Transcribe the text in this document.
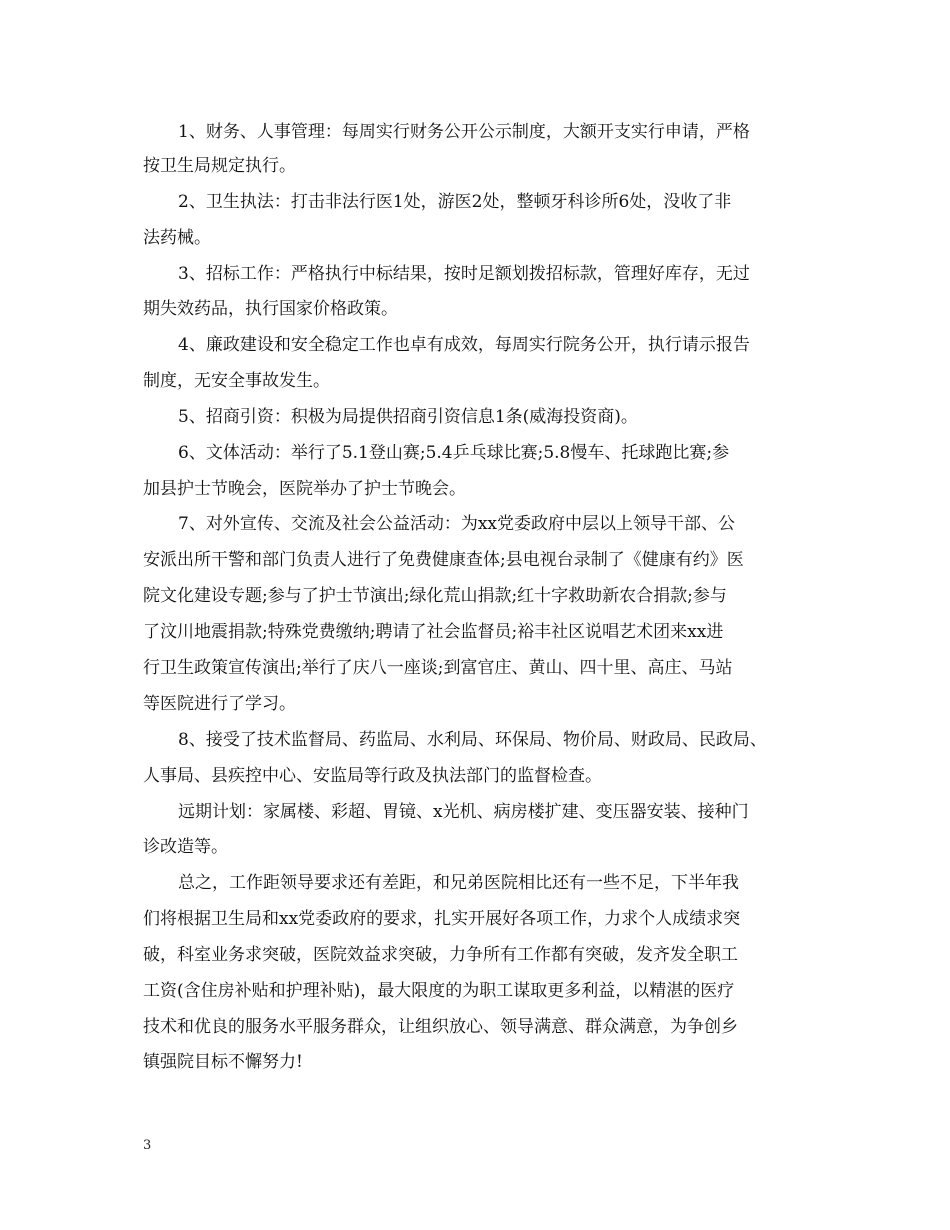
1、财务、人事管理：每周实行财务公开公示制度，大额开支实行申请，严格
按卫生局规定执行。
2、卫生执法：打击非法行医1处，游医2处，整顿牙科诊所6处，没收了非
法药械。
3、招标工作：严格执行中标结果，按时足额划拨招标款，管理好库存，无过
期失效药品，执行国家价格政策。
4、廉政建设和安全稳定工作也卓有成效，每周实行院务公开，执行请示报告
制度，无安全事故发生。
5、招商引资：积极为局提供招商引资信息1条(威海投资商)。
6、文体活动：举行了5.1登山赛;5.4乒乓球比赛;5.8慢车、托球跑比赛;参
加县护士节晚会，医院举办了护士节晚会。
7、对外宣传、交流及社会公益活动：为xx党委政府中层以上领导干部、公
安派出所干警和部门负责人进行了免费健康查体;县电视台录制了《健康有约》医
院文化建设专题;参与了护士节演出;绿化荒山捐款;红十字救助新农合捐款;参与
了汶川地震捐款;特殊党费缴纳;聘请了社会监督员;裕丰社区说唱艺术团来xx进
行卫生政策宣传演出;举行了庆八一座谈;到富官庄、黄山、四十里、高庄、马站
等医院进行了学习。
8、接受了技术监督局、药监局、水利局、环保局、物价局、财政局、民政局、
人事局、县疾控中心、安监局等行政及执法部门的监督检查。
远期计划：家属楼、彩超、胃镜、x光机、病房楼扩建、变压器安装、接种门
诊改造等。
总之，工作距领导要求还有差距，和兄弟医院相比还有一些不足，下半年我
们将根据卫生局和xx党委政府的要求，扎实开展好各项工作，力求个人成绩求突
破，科室业务求突破，医院效益求突破，力争所有工作都有突破，发齐发全职工
工资(含住房补贴和护理补贴)，最大限度的为职工谋取更多利益，以精湛的医疗
技术和优良的服务水平服务群众，让组织放心、领导满意、群众满意，为争创乡
镇强院目标不懈努力!
3
